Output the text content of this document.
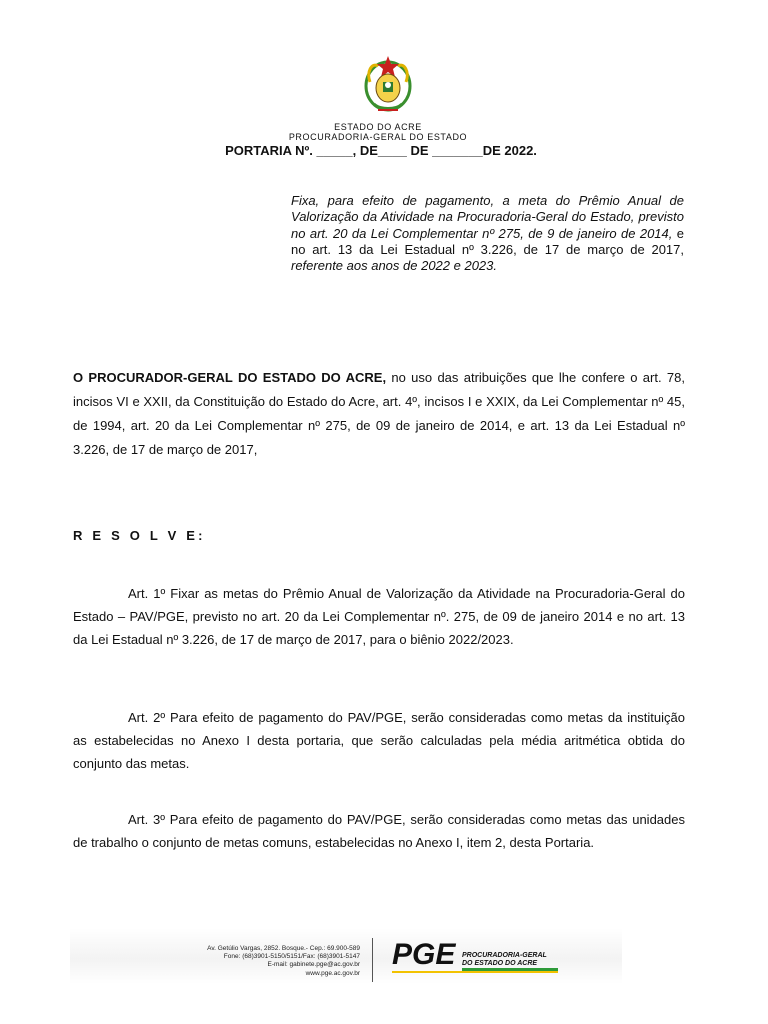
ESTADO DO ACRE
PROCURADORIA-GERAL DO ESTADO
PORTARIA Nº. _____, DE____ DE _______DE 2022.
Fixa, para efeito de pagamento, a meta do Prêmio Anual de Valorização da Atividade na Procuradoria-Geral do Estado, previsto no art. 20 da Lei Complementar nº 275, de 9 de janeiro de 2014, e no art. 13 da Lei Estadual nº 3.226, de 17 de março de 2017, referente aos anos de 2022 e 2023.
O PROCURADOR-GERAL DO ESTADO DO ACRE, no uso das atribuições que lhe confere o art. 78, incisos VI e XXII, da Constituição do Estado do Acre, art. 4º, incisos I e XXIX, da Lei Complementar nº 45, de 1994, art. 20 da Lei Complementar nº 275, de 09 de janeiro de 2014, e art. 13 da Lei Estadual nº 3.226, de 17 de março de 2017,
R E S O L V E:
Art. 1º Fixar as metas do Prêmio Anual de Valorização da Atividade na Procuradoria-Geral do Estado – PAV/PGE, previsto no art. 20 da Lei Complementar nº. 275, de 09 de janeiro 2014 e no art. 13 da Lei Estadual nº 3.226, de 17 de março de 2017, para o biênio 2022/2023.
Art. 2º Para efeito de pagamento do PAV/PGE, serão consideradas como metas da instituição as estabelecidas no Anexo I desta portaria, que serão calculadas pela média aritmética obtida do conjunto das metas.
Art. 3º Para efeito de pagamento do PAV/PGE, serão consideradas como metas das unidades de trabalho o conjunto de metas comuns, estabelecidas no Anexo I, item 2, desta Portaria.
Av. Getúlio Vargas, 2852. Bosque.- Cep.: 69.900-589
Fone: (68)3901-5150/5151/Fax: (68)3901-5147
E-mail: gabinete.pge@ac.gov.br
www.pge.ac.gov.br
PGE PROCURADORIA-GERAL
DO ESTADO DO ACRE
